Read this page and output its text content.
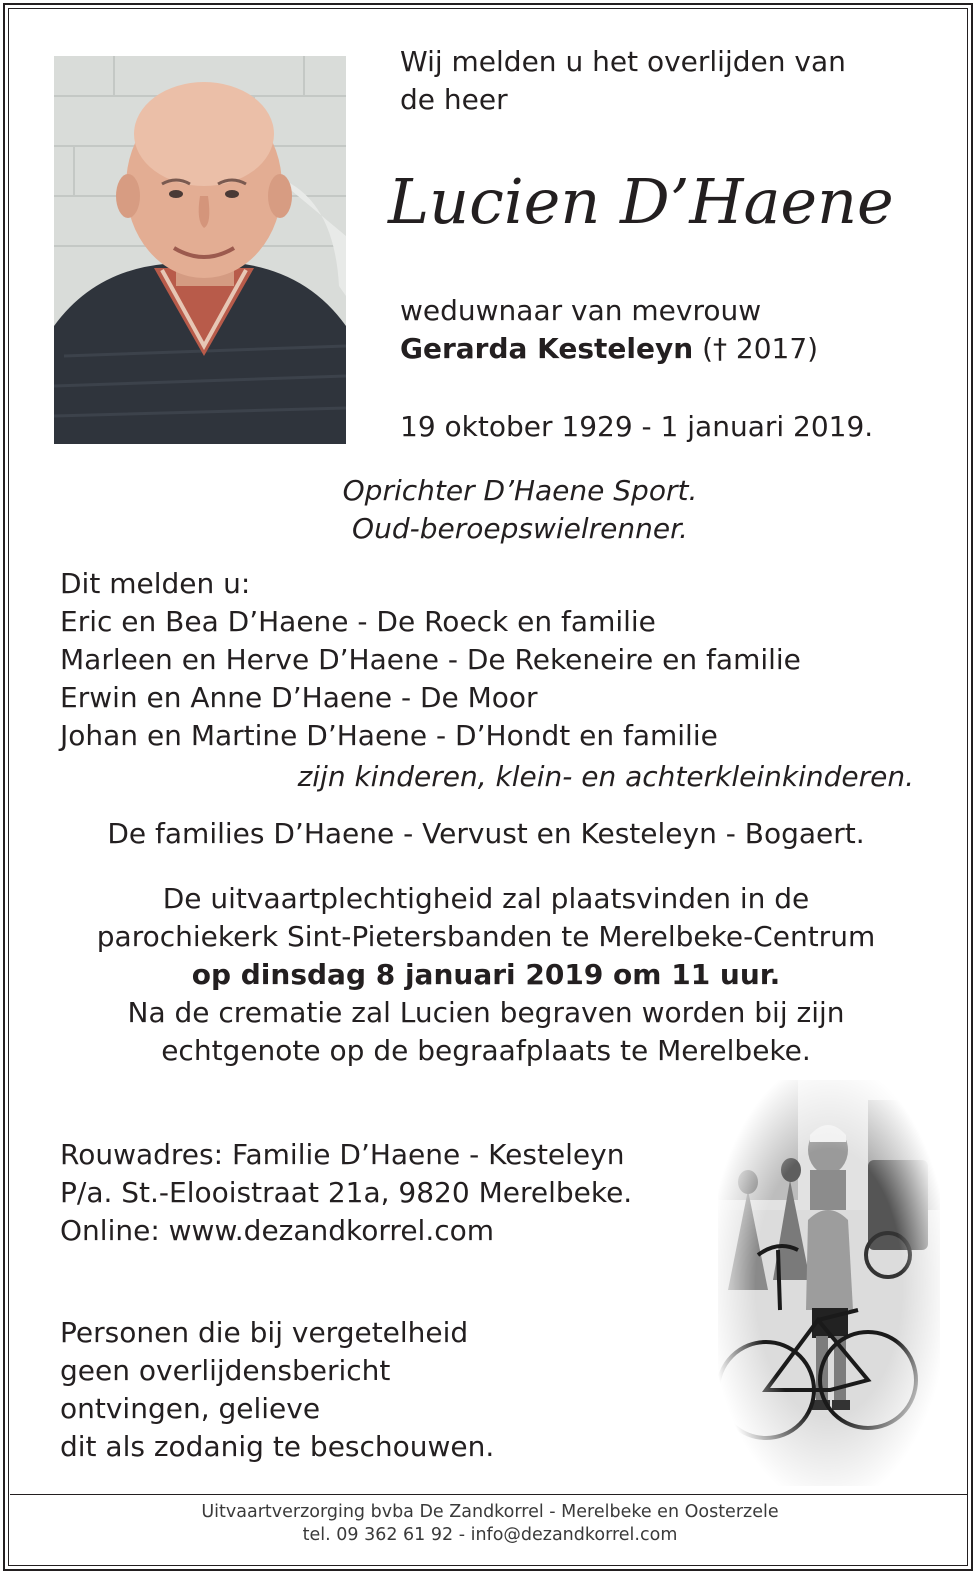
Wij melden u het overlijden van
de heer
Lucien D’Haene
weduwnaar van mevrouw
Gerarda Kesteleyn († 2017)
19 oktober 1929 - 1 januari 2019.
Oprichter D’Haene Sport.
Oud-beroepswielrenner.
Dit melden u:
Eric en Bea D’Haene - De Roeck en familie
Marleen en Herve D’Haene - De Rekeneire en familie
Erwin en Anne D’Haene - De Moor
Johan en Martine D’Haene - D’Hondt en familie
zijn kinderen, klein- en achterkleinkinderen.
De families D’Haene - Vervust en Kesteleyn - Bogaert.
De uitvaartplechtigheid zal plaatsvinden in de
parochiekerk Sint-Pietersbanden te Merelbeke-Centrum
op dinsdag 8 januari 2019 om 11 uur.
Na de crematie zal Lucien begraven worden bij zijn
echtgenote op de begraafplaats te Merelbeke.
Rouwadres: Familie D’Haene - Kesteleyn
P/a. St.-Elooistraat 21a, 9820 Merelbeke.
Online: www.dezandkorrel.com
Personen die bij vergetelheid
geen overlijdensbericht
ontvingen, gelieve
dit als zodanig te beschouwen.
Uitvaartverzorging bvba De Zandkorrel - Merelbeke en Oosterzele
tel. 09 362 61 92 - info@dezandkorrel.com
